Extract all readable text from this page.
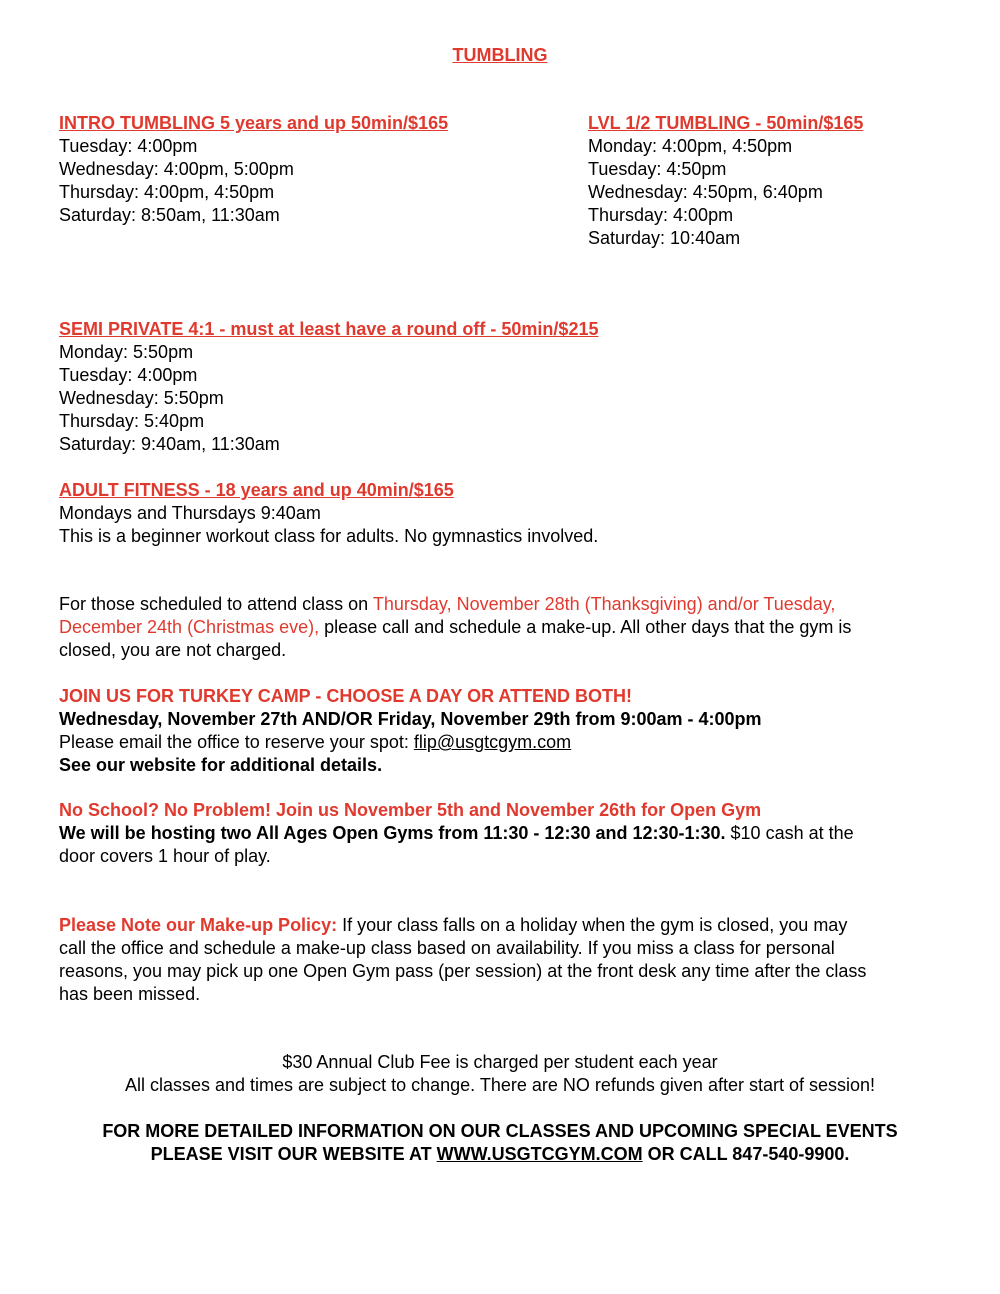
TUMBLING
INTRO TUMBLING 5 years and up 50min/$165
Tuesday: 4:00pm
Wednesday: 4:00pm, 5:00pm
Thursday: 4:00pm, 4:50pm
Saturday: 8:50am, 11:30am
LVL 1/2 TUMBLING - 50min/$165
Monday: 4:00pm, 4:50pm
Tuesday: 4:50pm
Wednesday: 4:50pm, 6:40pm
Thursday: 4:00pm
Saturday: 10:40am
SEMI PRIVATE 4:1 - must at least have a round off - 50min/$215
Monday: 5:50pm
Tuesday: 4:00pm
Wednesday: 5:50pm
Thursday: 5:40pm
Saturday: 9:40am, 11:30am
ADULT FITNESS - 18 years and up 40min/$165
Mondays and Thursdays 9:40am
This is a beginner workout class for adults. No gymnastics involved.
For those scheduled to attend class on Thursday, November 28th (Thanksgiving) and/or Tuesday,
December 24th (Christmas eve), please call and schedule a make-up. All other days that the gym is
closed, you are not charged.
JOIN US FOR TURKEY CAMP - CHOOSE A DAY OR ATTEND BOTH!
Wednesday, November 27th AND/OR Friday, November 29th from 9:00am - 4:00pm
Please email the office to reserve your spot: flip@usgtcgym.com
See our website for additional details.
No School? No Problem! Join us November 5th and November 26th for Open Gym
We will be hosting two All Ages Open Gyms from 11:30 - 12:30 and 12:30-1:30. $10 cash at the
door covers 1 hour of play.
Please Note our Make-up Policy: If your class falls on a holiday when the gym is closed, you may
call the office and schedule a make-up class based on availability. If you miss a class for personal
reasons, you may pick up one Open Gym pass (per session) at the front desk any time after the class
has been missed.
$30 Annual Club Fee is charged per student each year
All classes and times are subject to change. There are NO refunds given after start of session!
FOR MORE DETAILED INFORMATION ON OUR CLASSES AND UPCOMING SPECIAL EVENTS
PLEASE VISIT OUR WEBSITE AT WWW.USGTCGYM.COM OR CALL 847-540-9900.
